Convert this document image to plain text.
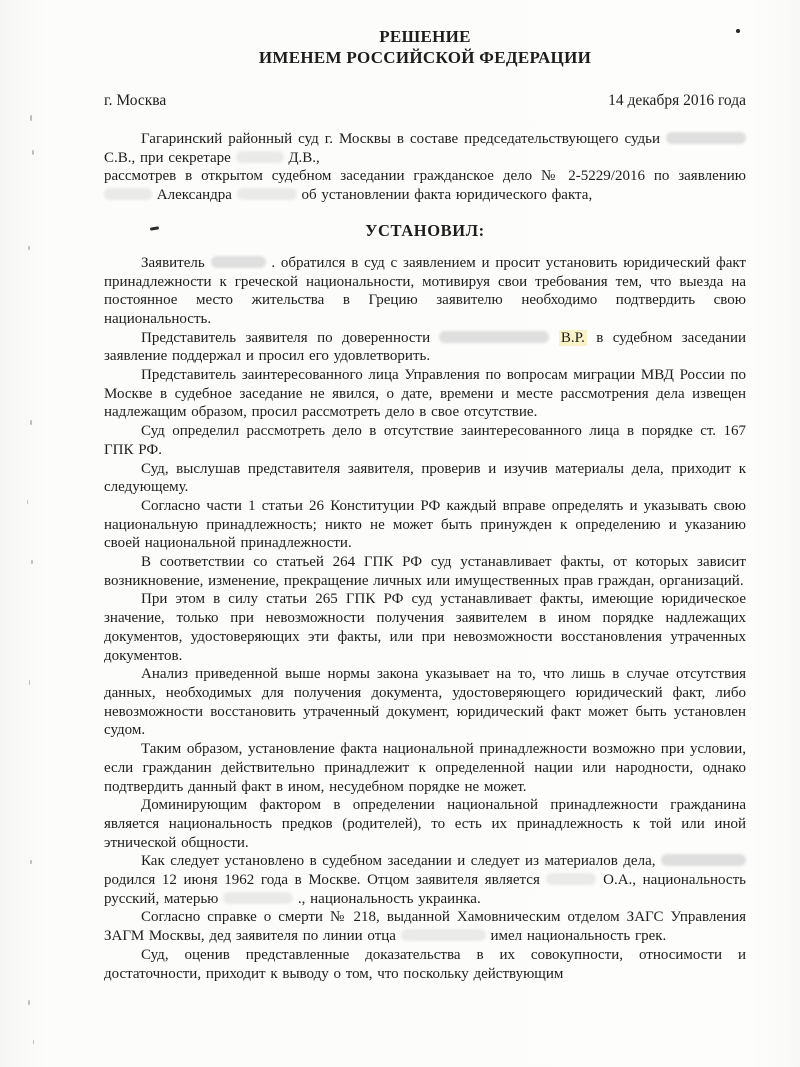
РЕШЕНИЕ
ИМЕНЕМ РОССИЙСКОЙ ФЕДЕРАЦИИ
г. Москва	14 декабря 2016 года
Гагаринский районный суд г. Москвы в составе председательствующего судьи  С.В., при секретаре	Д.В.,
рассмотрев в открытом судебном заседании гражданское дело № 2-5229/2016 по заявлению  Александра	об установлении факта юридического факта,
УСТАНОВИЛ:
Заявитель	. обратился в суд с заявлением и просит установить юридический факт принадлежности к греческой национальности, мотивируя свои требования тем, что выезда на постоянное место жительства в Грецию заявителю необходимо подтвердить свою национальность.
Представитель заявителя по доверенности	В.Р. в судебном заседании заявление поддержал и просил его удовлетворить.
Представитель заинтересованного лица Управления по вопросам миграции МВД России по Москве в судебное заседание не явился, о дате, времени и месте рассмотрения дела извещен надлежащим образом, просил рассмотреть дело в свое отсутствие.
Суд определил рассмотреть дело в отсутствие заинтересованного лица в порядке ст. 167 ГПК РФ.
Суд, выслушав представителя заявителя, проверив и изучив материалы дела, приходит к следующему.
Согласно части 1 статьи 26 Конституции РФ каждый вправе определять и указывать свою национальную принадлежность; никто не может быть принужден к определению и указанию своей национальной принадлежности.
В соответствии со статьей 264 ГПК РФ суд устанавливает факты, от которых зависит возникновение, изменение, прекращение личных или имущественных прав граждан, организаций.
При этом в силу статьи 265 ГПК РФ суд устанавливает факты, имеющие юридическое значение, только при невозможности получения заявителем в ином порядке надлежащих документов, удостоверяющих эти факты, или при невозможности восстановления утраченных документов.
Анализ приведенной выше нормы закона указывает на то, что лишь в случае отсутствия данных, необходимых для получения документа, удостоверяющего юридический факт, либо невозможности восстановить утраченный документ, юридический факт может быть установлен судом.
Таким образом, установление факта национальной принадлежности возможно при условии, если гражданин действительно принадлежит к определенной нации или народности, однако подтвердить данный факт в ином, несудебном порядке не может.
Доминирующим фактором в определении национальной принадлежности гражданина является национальность предков (родителей), то есть их принадлежность к той или иной этнической общности.
Как следует установлено в судебном заседании и следует из материалов дела,  родился 12 июня 1962 года в Москве. Отцом заявителя является	О.А., национальность русский, матерью	., национальность украинка.
Согласно справке о смерти № 218, выданной Хамовническим отделом ЗАГС Управления ЗАГМ Москвы, дед заявителя по линии отца	имел национальность грек.
Суд, оценив представленные доказательства в их совокупности, относимости и достаточности, приходит к выводу о том, что поскольку действующим
